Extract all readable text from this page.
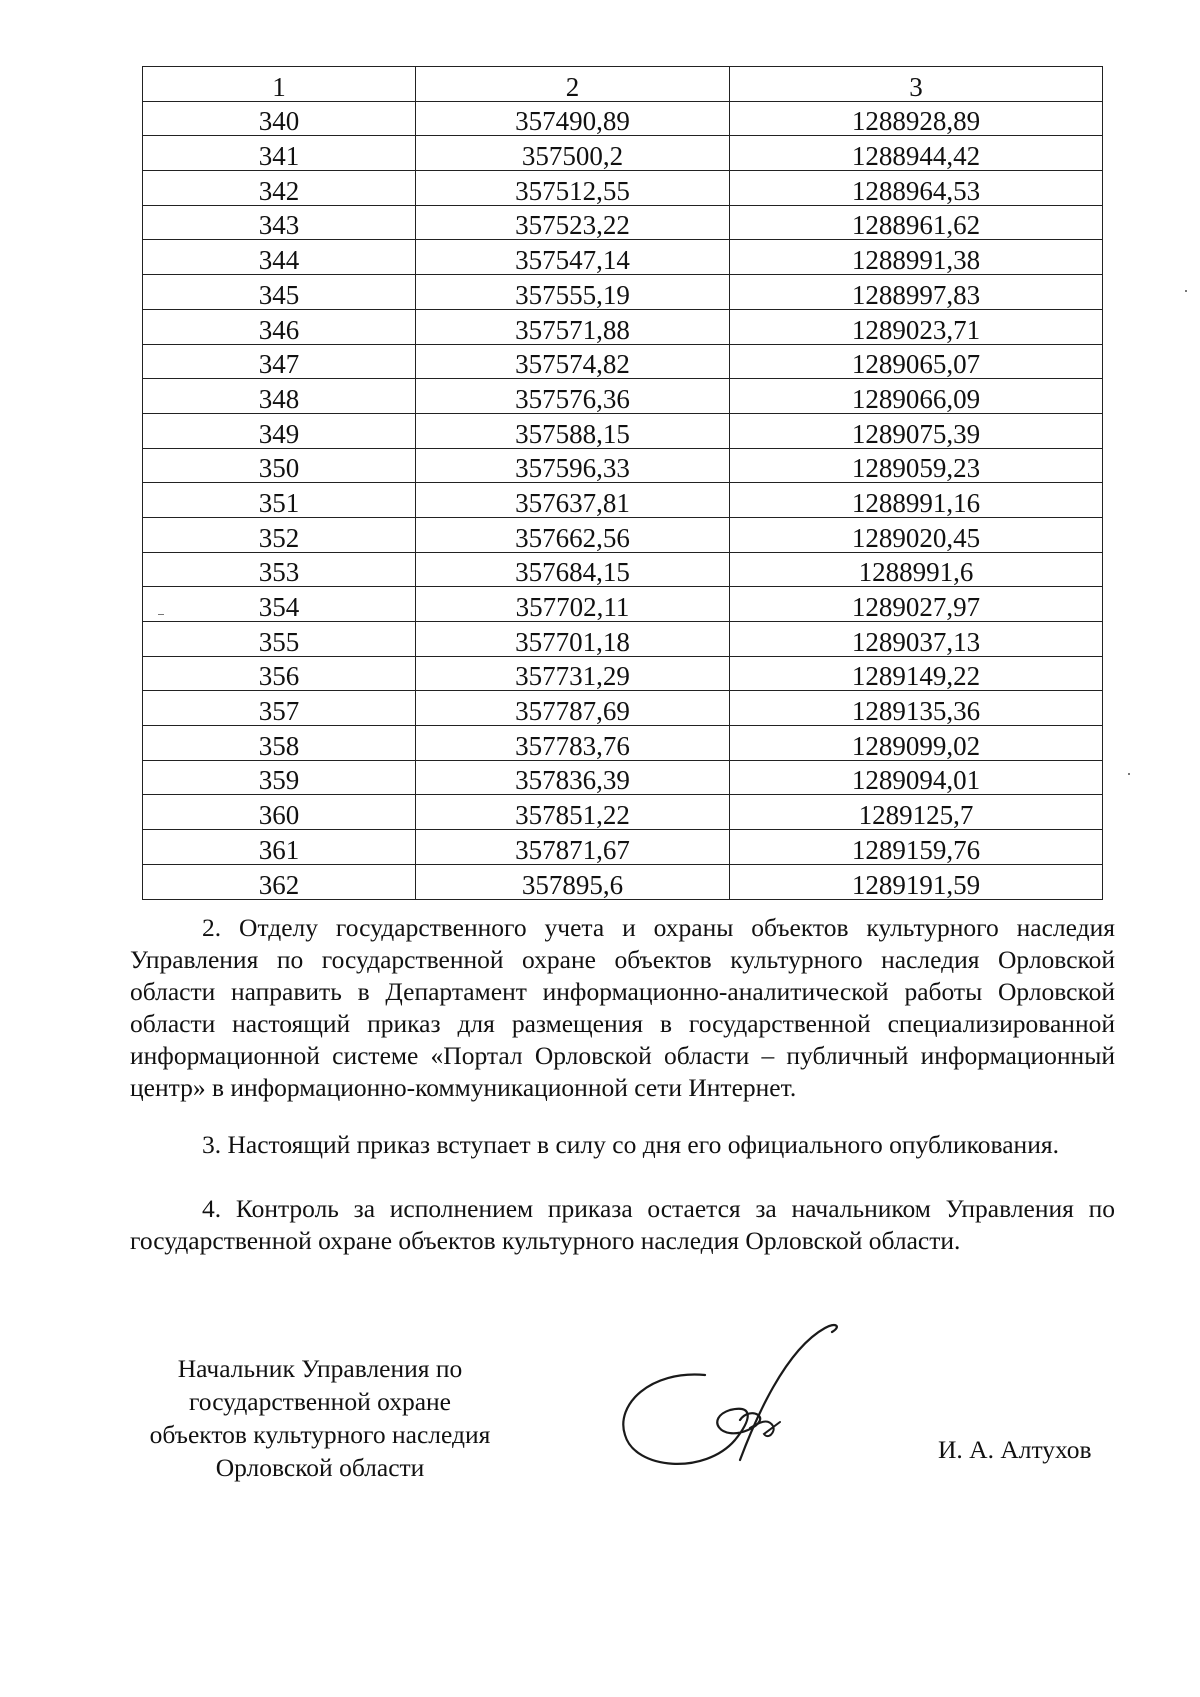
1	2	3
340	357490,89	1288928,89
341	357500,2	1288944,42
342	357512,55	1288964,53
343	357523,22	1288961,62
344	357547,14	1288991,38
345	357555,19	1288997,83
346	357571,88	1289023,71
347	357574,82	1289065,07
348	357576,36	1289066,09
349	357588,15	1289075,39
350	357596,33	1289059,23
351	357637,81	1288991,16
352	357662,56	1289020,45
353	357684,15	1288991,6
354	357702,11	1289027,97
355	357701,18	1289037,13
356	357731,29	1289149,22
357	357787,69	1289135,36
358	357783,76	1289099,02
359	357836,39	1289094,01
360	357851,22	1289125,7
361	357871,67	1289159,76
362	357895,6	1289191,59

2. Отделу государственного учета и охраны объектов культурного наследия Управления по государственной охране объектов культурного наследия Орловской области направить в Департамент информационно-аналитической работы Орловской области настоящий приказ для размещения в государственной специализированной информационной системе «Портал Орловской области – публичный информационный центр» в информационно-коммуникационной сети Интернет.

3. Настоящий приказ вступает в силу со дня его официального опубликования.

4. Контроль за исполнением приказа остается за начальником Управления по государственной охране объектов культурного наследия Орловской области.

Начальник Управления по
государственной охране
объектов культурного наследия
Орловской области
И. А. Алтухов
